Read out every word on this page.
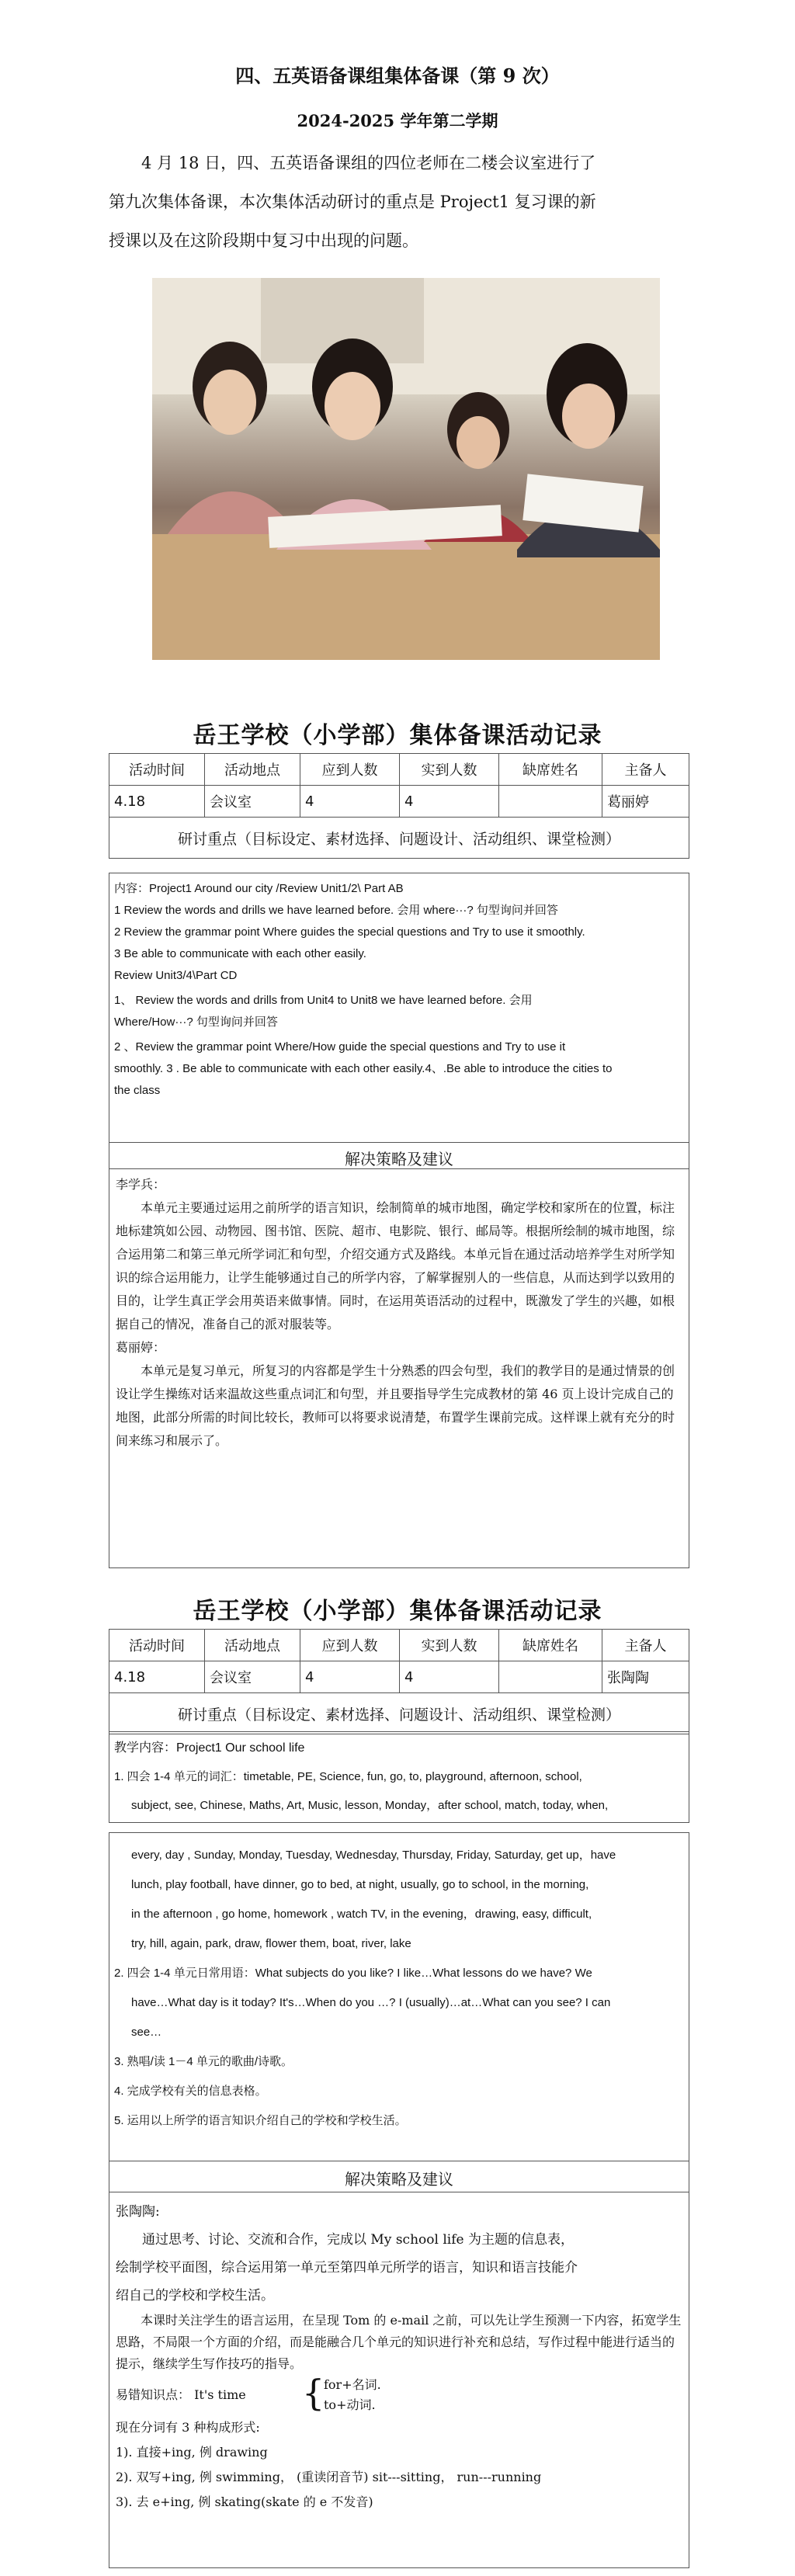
四、五英语备课组集体备课（第 9 次）
2024-2025 学年第二学期
4 月 18 日，四、五英语备课组的四位老师在二楼会议室进行了
第九次集体备课，本次集体活动研讨的重点是 Project1 复习课的新
授课以及在这阶段期中复习中出现的问题。
岳王学校（小学部）集体备课活动记录
活动时间	活动地点	应到人数	实到人数	缺席姓名	主备人
4.18	会议室	4	4		葛丽婷
研讨重点（目标设定、素材选择、问题设计、活动组织、课堂检测）					
内容：Project1 Around our city /Review Unit1/2\ Part AB
1 Review the words and drills we have learned before. 会用 where···? 句型询问并回答
2 Review the grammar point Where guides the special questions and Try to use it smoothly.
3 Be able to communicate with each other easily.
Review Unit3/4\Part CD
1、 Review the words and drills from Unit4 to Unit8 we have learned before. 会用
Where/How···? 句型询问并回答
2 、Review the grammar point Where/How guide the special questions and Try to use it
smoothly. 3 . Be able to communicate with each other easily.4、.Be able to introduce the cities to
the class
解决策略及建议
李学兵：
本单元主要通过运用之前所学的语言知识，绘制简单的城市地图，确定学校和家所在的位置，标注地标建筑如公园、动物园、图书馆、医院、超市、电影院、银行、邮局等。根据所绘制的城市地图，综合运用第二和第三单元所学词汇和句型，介绍交通方式及路线。本单元旨在通过活动培养学生对所学知识的综合运用能力，让学生能够通过自己的所学内容，了解掌握别人的一些信息，从而达到学以致用的目的，让学生真正学会用英语来做事情。同时，在运用英语活动的过程中，既激发了学生的兴趣，如根据自己的情况，准备自己的派对服装等。
葛丽婷：
本单元是复习单元，所复习的内容都是学生十分熟悉的四会句型，我们的教学目的是通过情景的创设让学生操练对话来温故这些重点词汇和句型，并且要指导学生完成教材的第 46 页上设计完成自己的地图，此部分所需的时间比较长，教师可以将要求说清楚，布置学生课前完成。这样课上就有充分的时间来练习和展示了。
岳王学校（小学部）集体备课活动记录
活动时间	活动地点	应到人数	实到人数	缺席姓名	主备人
4.18	会议室	4	4		张陶陶
研讨重点（目标设定、素材选择、问题设计、活动组织、课堂检测）					
教学内容：Project1 Our school life
1. 四会 1-4 单元的词汇：timetable, PE, Science, fun, go, to, playground, afternoon, school,
subject, see, Chinese, Maths, Art, Music, lesson, Monday，after school, match, today, when,
every, day , Sunday, Monday, Tuesday, Wednesday, Thursday, Friday, Saturday, get up，have
lunch, play football, have dinner, go to bed, at night, usually, go to school, in the morning,
in the afternoon , go home, homework , watch TV, in the evening，drawing, easy, difficult,
try, hill, again, park, draw, flower them, boat, river, lake
2. 四会 1-4 单元日常用语：What subjects do you like? I like…What lessons do we have? We
have…What day is it today? It's…When do you …? I (usually)…at…What can you see? I can
see…
3. 熟唱/读 1－4 单元的歌曲/诗歌。
4. 完成学校有关的信息表格。
5. 运用以上所学的语言知识介绍自己的学校和学校生活。
解决策略及建议
张陶陶:
通过思考、讨论、交流和合作，完成以 My school life 为主题的信息表，
绘制学校平面图，综合运用第一单元至第四单元所学的语言，知识和语言技能介
绍自己的学校和学校生活。
本课时关注学生的语言运用，在呈现 Tom 的 e-mail 之前，可以先让学生预测一下内容，拓宽学生思路，不局限一个方面的介绍，而是能融合几个单元的知识进行补充和总结，写作过程中能进行适当的提示，继续学生写作技巧的指导。
易错知识点： It's time {
for+名词.
to+动词.
现在分词有 3 种构成形式:
1). 直接+ing, 例 drawing
2). 双写+ing, 例 swimming， (重读闭音节) sit---sitting， run---running
3). 去 e+ing, 例 skating(skate 的 e 不发音)
